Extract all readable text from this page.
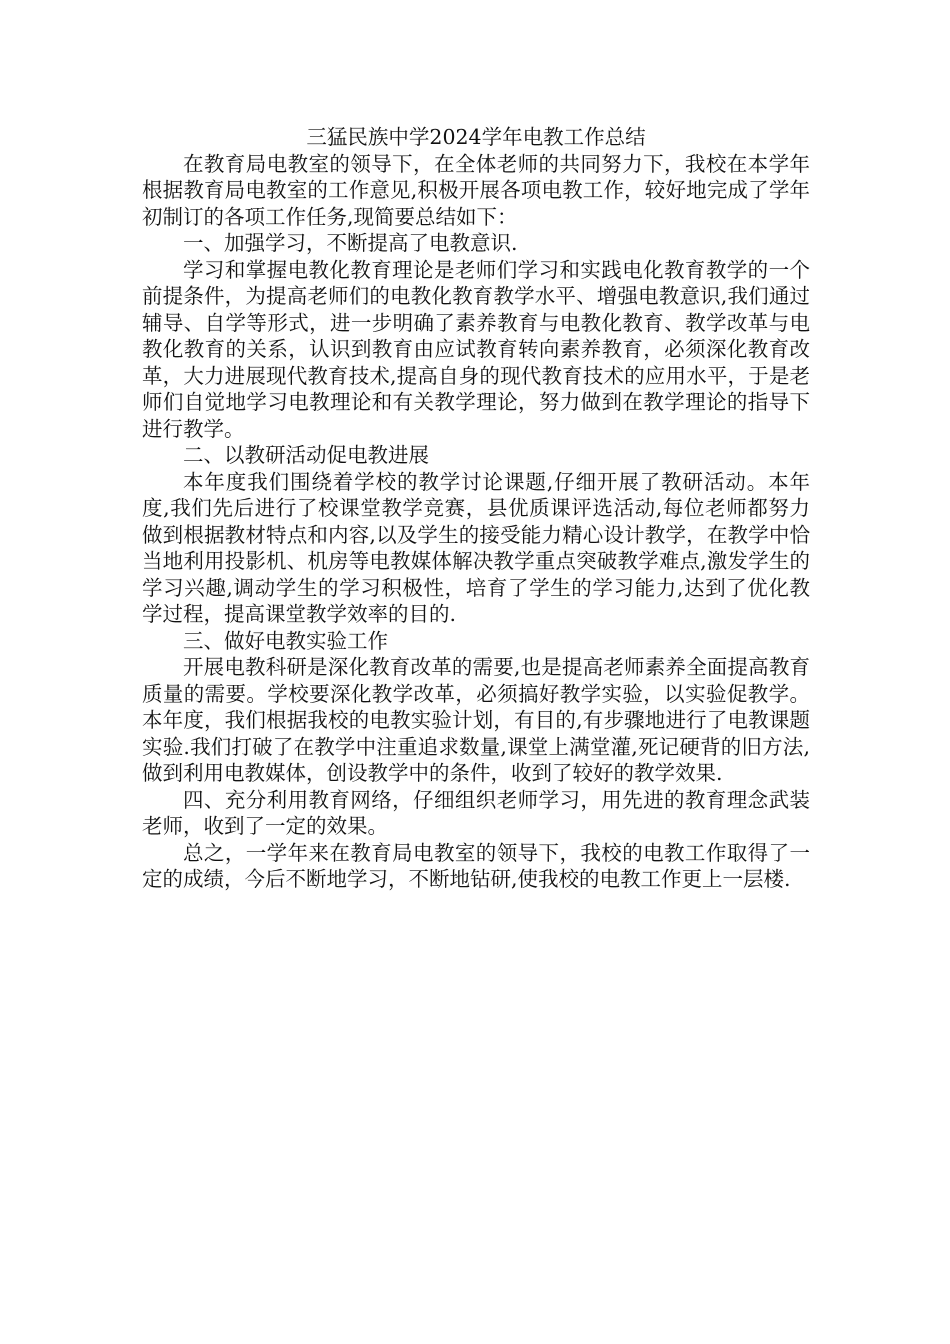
三猛民族中学2024学年电教工作总结

在教育局电教室的领导下，在全体老师的共同努力下，我校在本学年根据教育局电教室的工作意见,积极开展各项电教工作，较好地完成了学年初制订的各项工作任务,现简要总结如下：

一、加强学习，不断提高了电教意识.

学习和掌握电教化教育理论是老师们学习和实践电化教育教学的一个前提条件，为提高老师们的电教化教育教学水平、增强电教意识,我们通过辅导、自学等形式，进一步明确了素养教育与电教化教育、教学改革与电教化教育的关系，认识到教育由应试教育转向素养教育，必须深化教育改革，大力进展现代教育技术,提高自身的现代教育技术的应用水平，于是老师们自觉地学习电教理论和有关教学理论，努力做到在教学理论的指导下进行教学。

二、以教研活动促电教进展

本年度我们围绕着学校的教学讨论课题,仔细开展了教研活动。本年度,我们先后进行了校课堂教学竞赛，县优质课评选活动,每位老师都努力做到根据教材特点和内容,以及学生的接受能力精心设计教学，在教学中恰当地利用投影机、机房等电教媒体解决教学重点突破教学难点,激发学生的学习兴趣,调动学生的学习积极性，培育了学生的学习能力,达到了优化教学过程，提高课堂教学效率的目的.

三、做好电教实验工作

开展电教科研是深化教育改革的需要,也是提高老师素养全面提高教育质量的需要。学校要深化教学改革，必须搞好教学实验，以实验促教学。本年度，我们根据我校的电教实验计划，有目的,有步骤地进行了电教课题实验.我们打破了在教学中注重追求数量,课堂上满堂灌,死记硬背的旧方法,做到利用电教媒体，创设教学中的条件，收到了较好的教学效果.

四、充分利用教育网络，仔细组织老师学习，用先进的教育理念武装老师，收到了一定的效果。

总之，一学年来在教育局电教室的领导下，我校的电教工作取得了一定的成绩，今后不断地学习，不断地钻研,使我校的电教工作更上一层楼.
